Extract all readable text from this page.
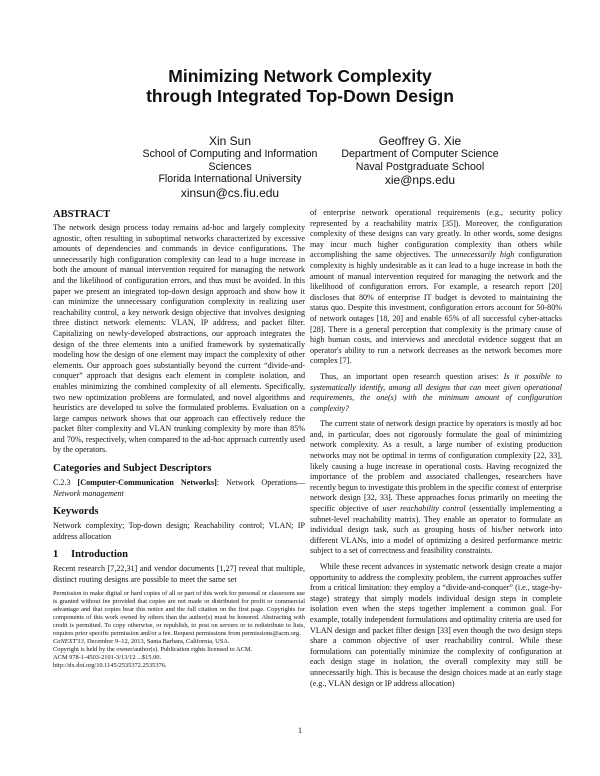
Minimizing Network Complexity
through Integrated Top-Down Design
Xin Sun
School of Computing and Information Sciences
Florida International University
xinsun@cs.fiu.edu
Geoffrey G. Xie
Department of Computer Science
Naval Postgraduate School
xie@nps.edu
ABSTRACT

The network design process today remains ad-hoc and largely complexity agnostic, often resulting in suboptimal networks characterized by excessive amounts of dependencies and commands in device configurations. The unnecessarily high configuration complexity can lead to a huge increase in both the amount of manual intervention required for managing the network and the likelihood of configuration errors, and thus must be avoided. In this paper we present an integrated top-down design approach and show how it can minimize the unnecessary configuration complexity in realizing user reachability control, a key network design objective that involves designing three distinct network elements: VLAN, IP address, and packet filter. Capitalizing on newly-developed abstractions, our approach integrates the design of the three elements into a unified framework by systematically modeling how the design of one element may impact the complexity of other elements. Our approach goes substantially beyond the current “divide-and-conquer” approach that designs each element in complete isolation, and enables minimizing the combined complexity of all elements. Specifically, two new optimization problems are formulated, and novel algorithms and heuristics are developed to solve the formulated problems. Evaluation on a large campus network shows that our approach can effectively reduce the packet filter complexity and VLAN trunking complexity by more than 85% and 70%, respectively, when compared to the ad-hoc approach currently used by the operators.

Categories and Subject Descriptors

C.2.3 [Computer-Communication Networks]: Network Operations—Network management

Keywords

Network complexity; Top-down design; Reachability control; VLAN; IP address allocation

1 Introduction

Recent research [7,22,31] and vendor documents [1,27] reveal that multiple, distinct routing designs are possible to meet the same set

Permission to make digital or hard copies of all or part of this work for personal or classroom use is granted without fee provided that copies are not made or distributed for profit or commercial advantage and that copies bear this notice and the full citation on the first page. Copyrights for components of this work owned by others than the author(s) must be honored. Abstracting with credit is permitted. To copy otherwise, or republish, to post on servers or to redistribute to lists, requires prior specific permission and/or a fee. Request permissions from permissions@acm.org.

CoNEXT'13, December 9–12, 2013, Santa Barbara, California, USA.

Copyright is held by the owner/author(s). Publication rights licensed to ACM.

ACM 978-1-4503-2101-3/13/12 ...$15.00.

http://dx.doi.org/10.1145/2535372.2535376.

of enterprise network operational requirements (e.g., security policy represented by a reachability matrix [35]). Moreover, the configuration complexity of these designs can vary greatly. In other words, some designs may incur much higher configuration complexity than others while accomplishing the same objectives. The unnecessarily high configuration complexity is highly undesirable as it can lead to a huge increase in both the amount of manual intervention required for managing the network and the likelihood of configuration errors. For example, a research report [20] discloses that 80% of enterprise IT budget is devoted to maintaining the status quo. Despite this investment, configuration errors account for 50-80% of network outages [18, 20] and enable 65% of all successful cyber-attacks [28]. There is a general perception that complexity is the primary cause of high human costs, and interviews and anecdotal evidence suggest that an operator's ability to run a network decreases as the network becomes more complex [7].

Thus, an important open research question arises: Is it possible to systematically identify, among all designs that can meet given operational requirements, the one(s) with the minimum amount of configuration complexity?

The current state of network design practice by operators is mostly ad hoc and, in particular, does not rigorously formulate the goal of minimizing network complexity. As a result, a large number of existing production networks may not be optimal in terms of configuration complexity [22, 33], likely causing a huge increase in operational costs. Having recognized the importance of the problem and associated challenges, researchers have recently begun to investigate this problem in the specific context of enterprise network design [32, 33]. These approaches focus primarily on meeting the specific objective of user reachability control (essentially implementing a subnet-level reachability matrix). They enable an operator to formulate an individual design task, such as grouping hosts of his/her network into different VLANs, into a model of optimizing a desired performance metric subject to a set of correctness and feasibility constraints.

While these recent advances in systematic network design create a major opportunity to address the complexity problem, the current approaches suffer from a critical limitation: they employ a “divide-and-conquer” (i.e., stage-by-stage) strategy that simply models individual design steps in complete isolation even when the steps together implement a common goal. For example, totally independent formulations and optimality criteria are used for VLAN design and packet filter design [33] even though the two design steps share a common objective of user reachability control. While these formulations can potentially minimize the complexity of configuration at each design stage in isolation, the overall complexity may still be unnecessarily high. This is because the design choices made at an early stage (e.g., VLAN design or IP address allocation)

1
